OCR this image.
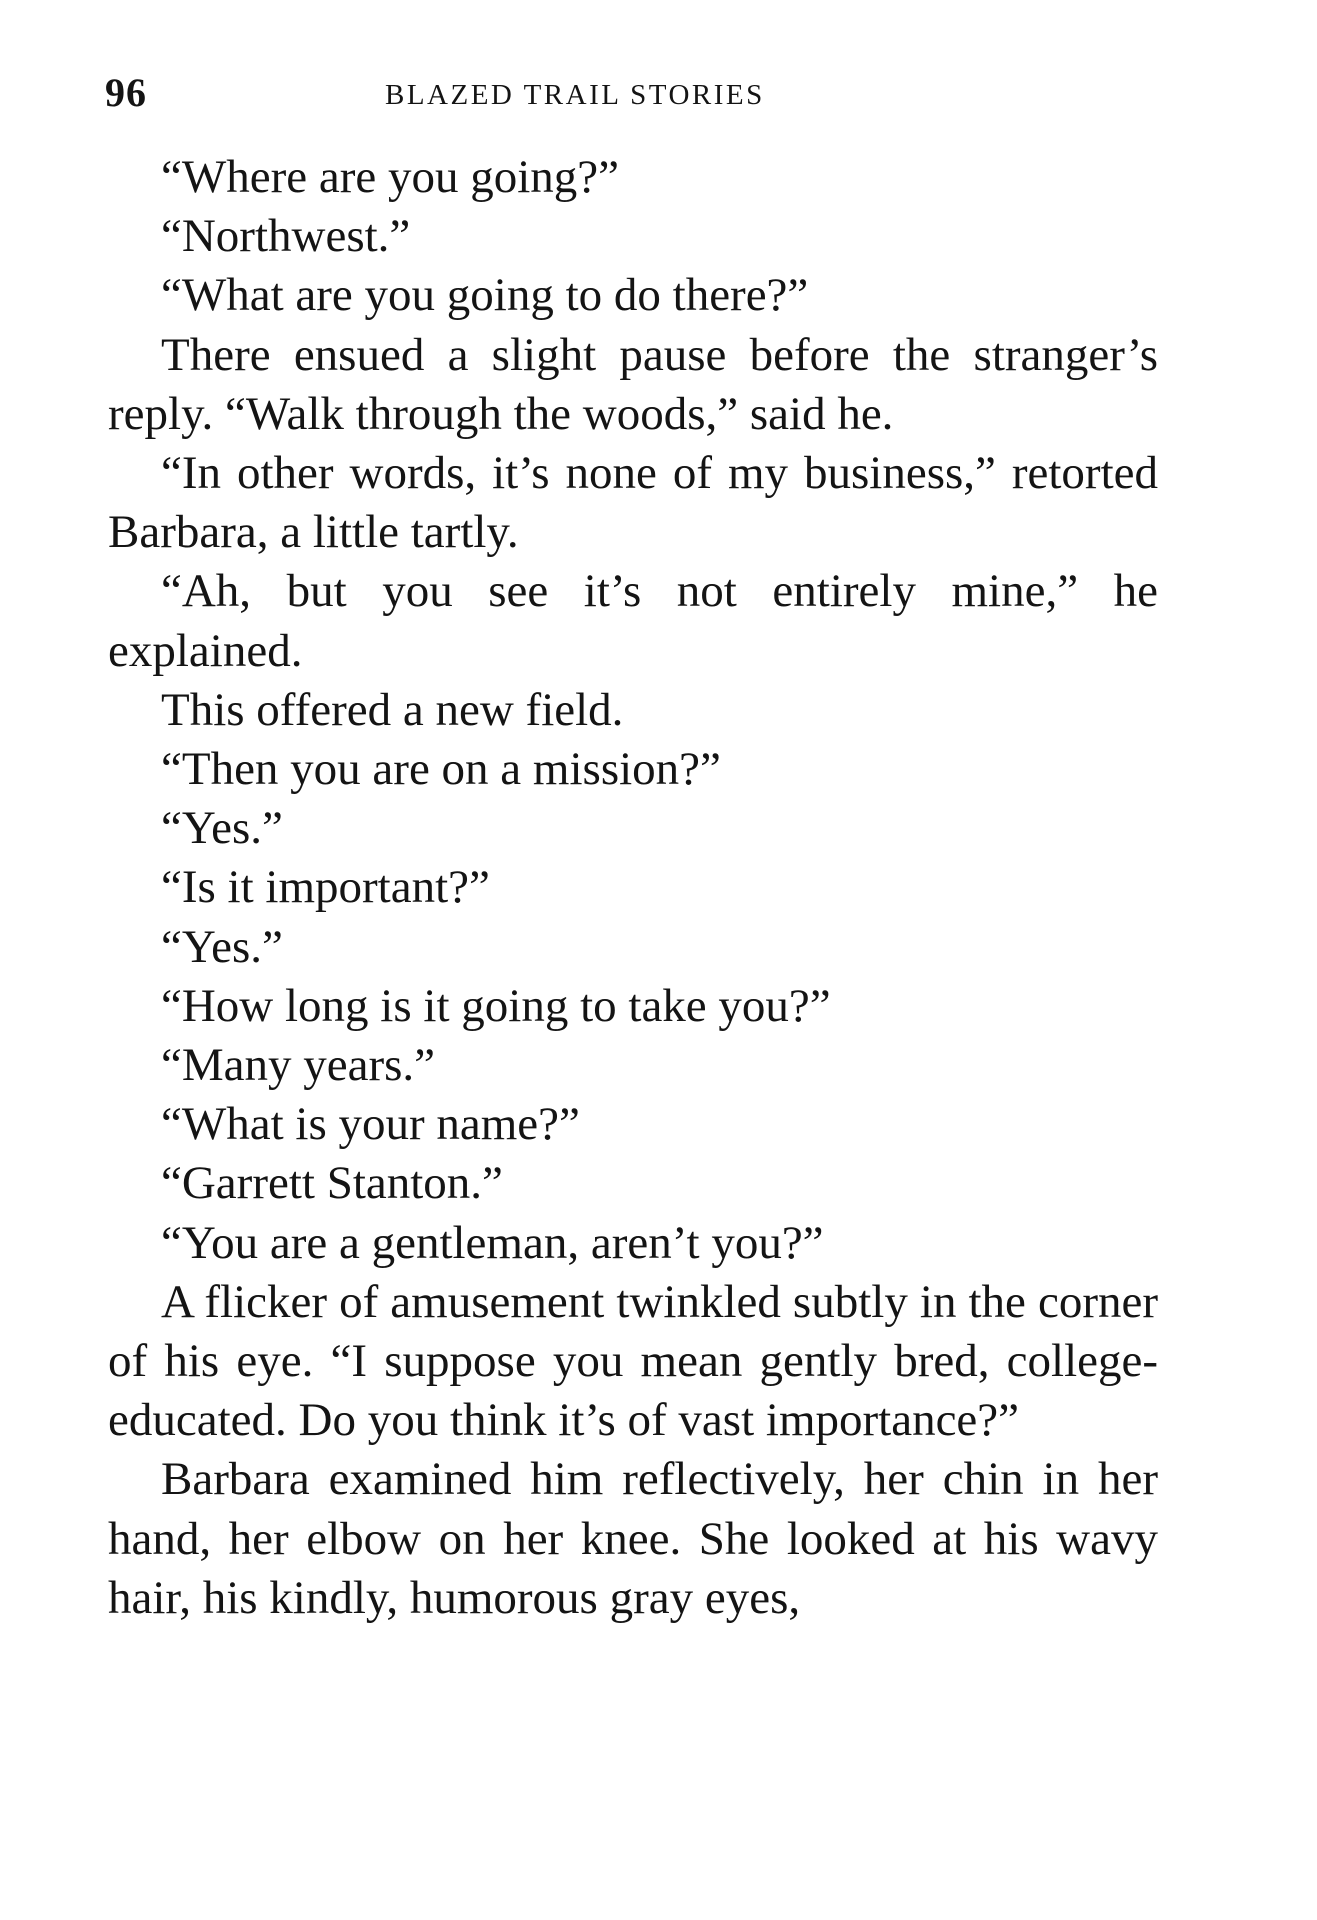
96	BLAZED TRAIL STORIES

“Where are you going?”

“Northwest.”

“What are you going to do there?”

There ensued a slight pause before the stranger’s reply. “Walk through the woods,” said he.

“In other words, it’s none of my business,” retorted Barbara, a little tartly.

“Ah, but you see it’s not entirely mine,” he explained.

This offered a new field.

“Then you are on a mission?”

“Yes.”

“Is it important?”

“Yes.”

“How long is it going to take you?”

“Many years.”

“What is your name?”

“Garrett Stanton.”

“You are a gentleman, aren’t you?”

A flicker of amusement twinkled subtly in the corner of his eye. “I suppose you mean gently bred, college-educated. Do you think it’s of vast importance?”

Barbara examined him reflectively, her chin in her hand, her elbow on her knee. She looked at his wavy hair, his kindly, humorous gray eyes,
